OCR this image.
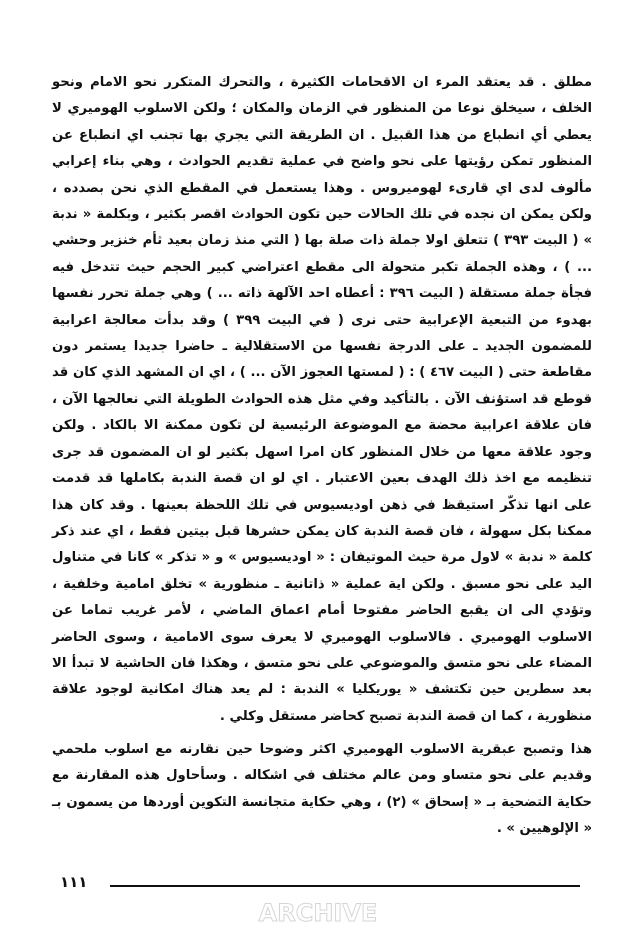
مطلق . قد يعتقد المرء ان الاقحامات الكثيرة ، والتحرك المتكرر نحو الامام ونحو الخلف ، سيخلق نوعا من المنظور في الزمان والمكان ؛ ولكن الاسلوب الهوميري لا يعطي أي انطباع من هذا القبيل . ان الطريقة التي يجري بها تجنب اي انطباع عن المنظور تمكن رؤيتها على نحو واضح في عملية تقديم الحوادث ، وهي بناء إعرابي مألوف لدى اي قارىء لهوميروس . وهذا يستعمل في المقطع الذي نحن بصدده ، ولكن يمكن ان نجده في تلك الحالات حين تكون الحوادث اقصر بكثير ، وبكلمة « ندبة » ( البيت ٣٩٣ ) تتعلق اولا جملة ذات صلة بها ( التي منذ زمان بعيد ثأم خنزير وحشي ... ) ، وهذه الجملة تكبر متحولة الى مقطع اعتراضي كبير الحجم حيث تتدخل فيه فجأة جملة مستقلة ( البيت ٣٩٦ : أعطاه احد الآلهة ذاته ... ) وهي جملة تحرر نفسها بهدوء من التبعية الإعرابية حتى نرى ( في البيت ٣٩٩ ) وقد بدأت معالجة اعرابية للمضمون الجديد ـ على الدرجة نفسها من الاستقلالية ـ حاضرا جديدا يستمر دون مقاطعة حتى ( البيت ٤٦٧ ) : ( لمستها العجوز الآن ... ) ، اي ان المشهد الذي كان قد قوطع قد استؤنف الآن . بالتأكيد وفي مثل هذه الحوادث الطويلة التي نعالجها الآن ، فان علاقة اعرابية محضة مع الموضوعة الرئيسية لن تكون ممكنة الا بالكاد . ولكن وجود علاقة معها من خلال المنظور كان امرا اسهل بكثير لو ان المضمون قد جرى تنظيمه مع اخذ ذلك الهدف بعين الاعتبار . اي لو ان قصة الندبة بكاملها قد قدمت على انها تذكّر استيقظ في ذهن اوديسيوس في تلك اللحظة بعينها . وقد كان هذا ممكنا بكل سهولة ، فان قصة الندبة كان يمكن حشرها قبل بيتين فقط ، اي عند ذكر كلمة « ندبة » لاول مرة حيث الموتيفان : « اوديسيوس » و « تذكر » كانا في متناول اليد على نحو مسبق . ولكن اية عملية « ذاتانية ـ منظورية » تخلق امامية وخلفية ، وتؤدي الى ان يقبع الحاضر مفتوحا أمام اعماق الماضي ، لأمر غريب تماما عن الاسلوب الهوميري . فالاسلوب الهوميري لا يعرف سوى الامامية ، وسوى الحاضر المضاء على نحو متسق والموضوعي على نحو متسق ، وهكذا فان الحاشية لا تبدأ الا بعد سطرين حين تكتشف « يوريكليا » الندبة : لم يعد هناك امكانية لوجود علاقة منظورية ، كما ان قصة الندبة تصبح كحاضر مستقل وكلي .

هذا وتصبح عبقرية الاسلوب الهوميري اكثر وضوحا حين نقارنه مع اسلوب ملحمي وقديم على نحو متساو ومن عالم مختلف في اشكاله . وسأحاول هذه المقارنة مع حكاية التضحية بـ « إسحاق » (٢) ، وهي حكاية متجانسة التكوين أوردها من يسمون بـ « الإلوهيين » .

١١١
ARCHIVE
